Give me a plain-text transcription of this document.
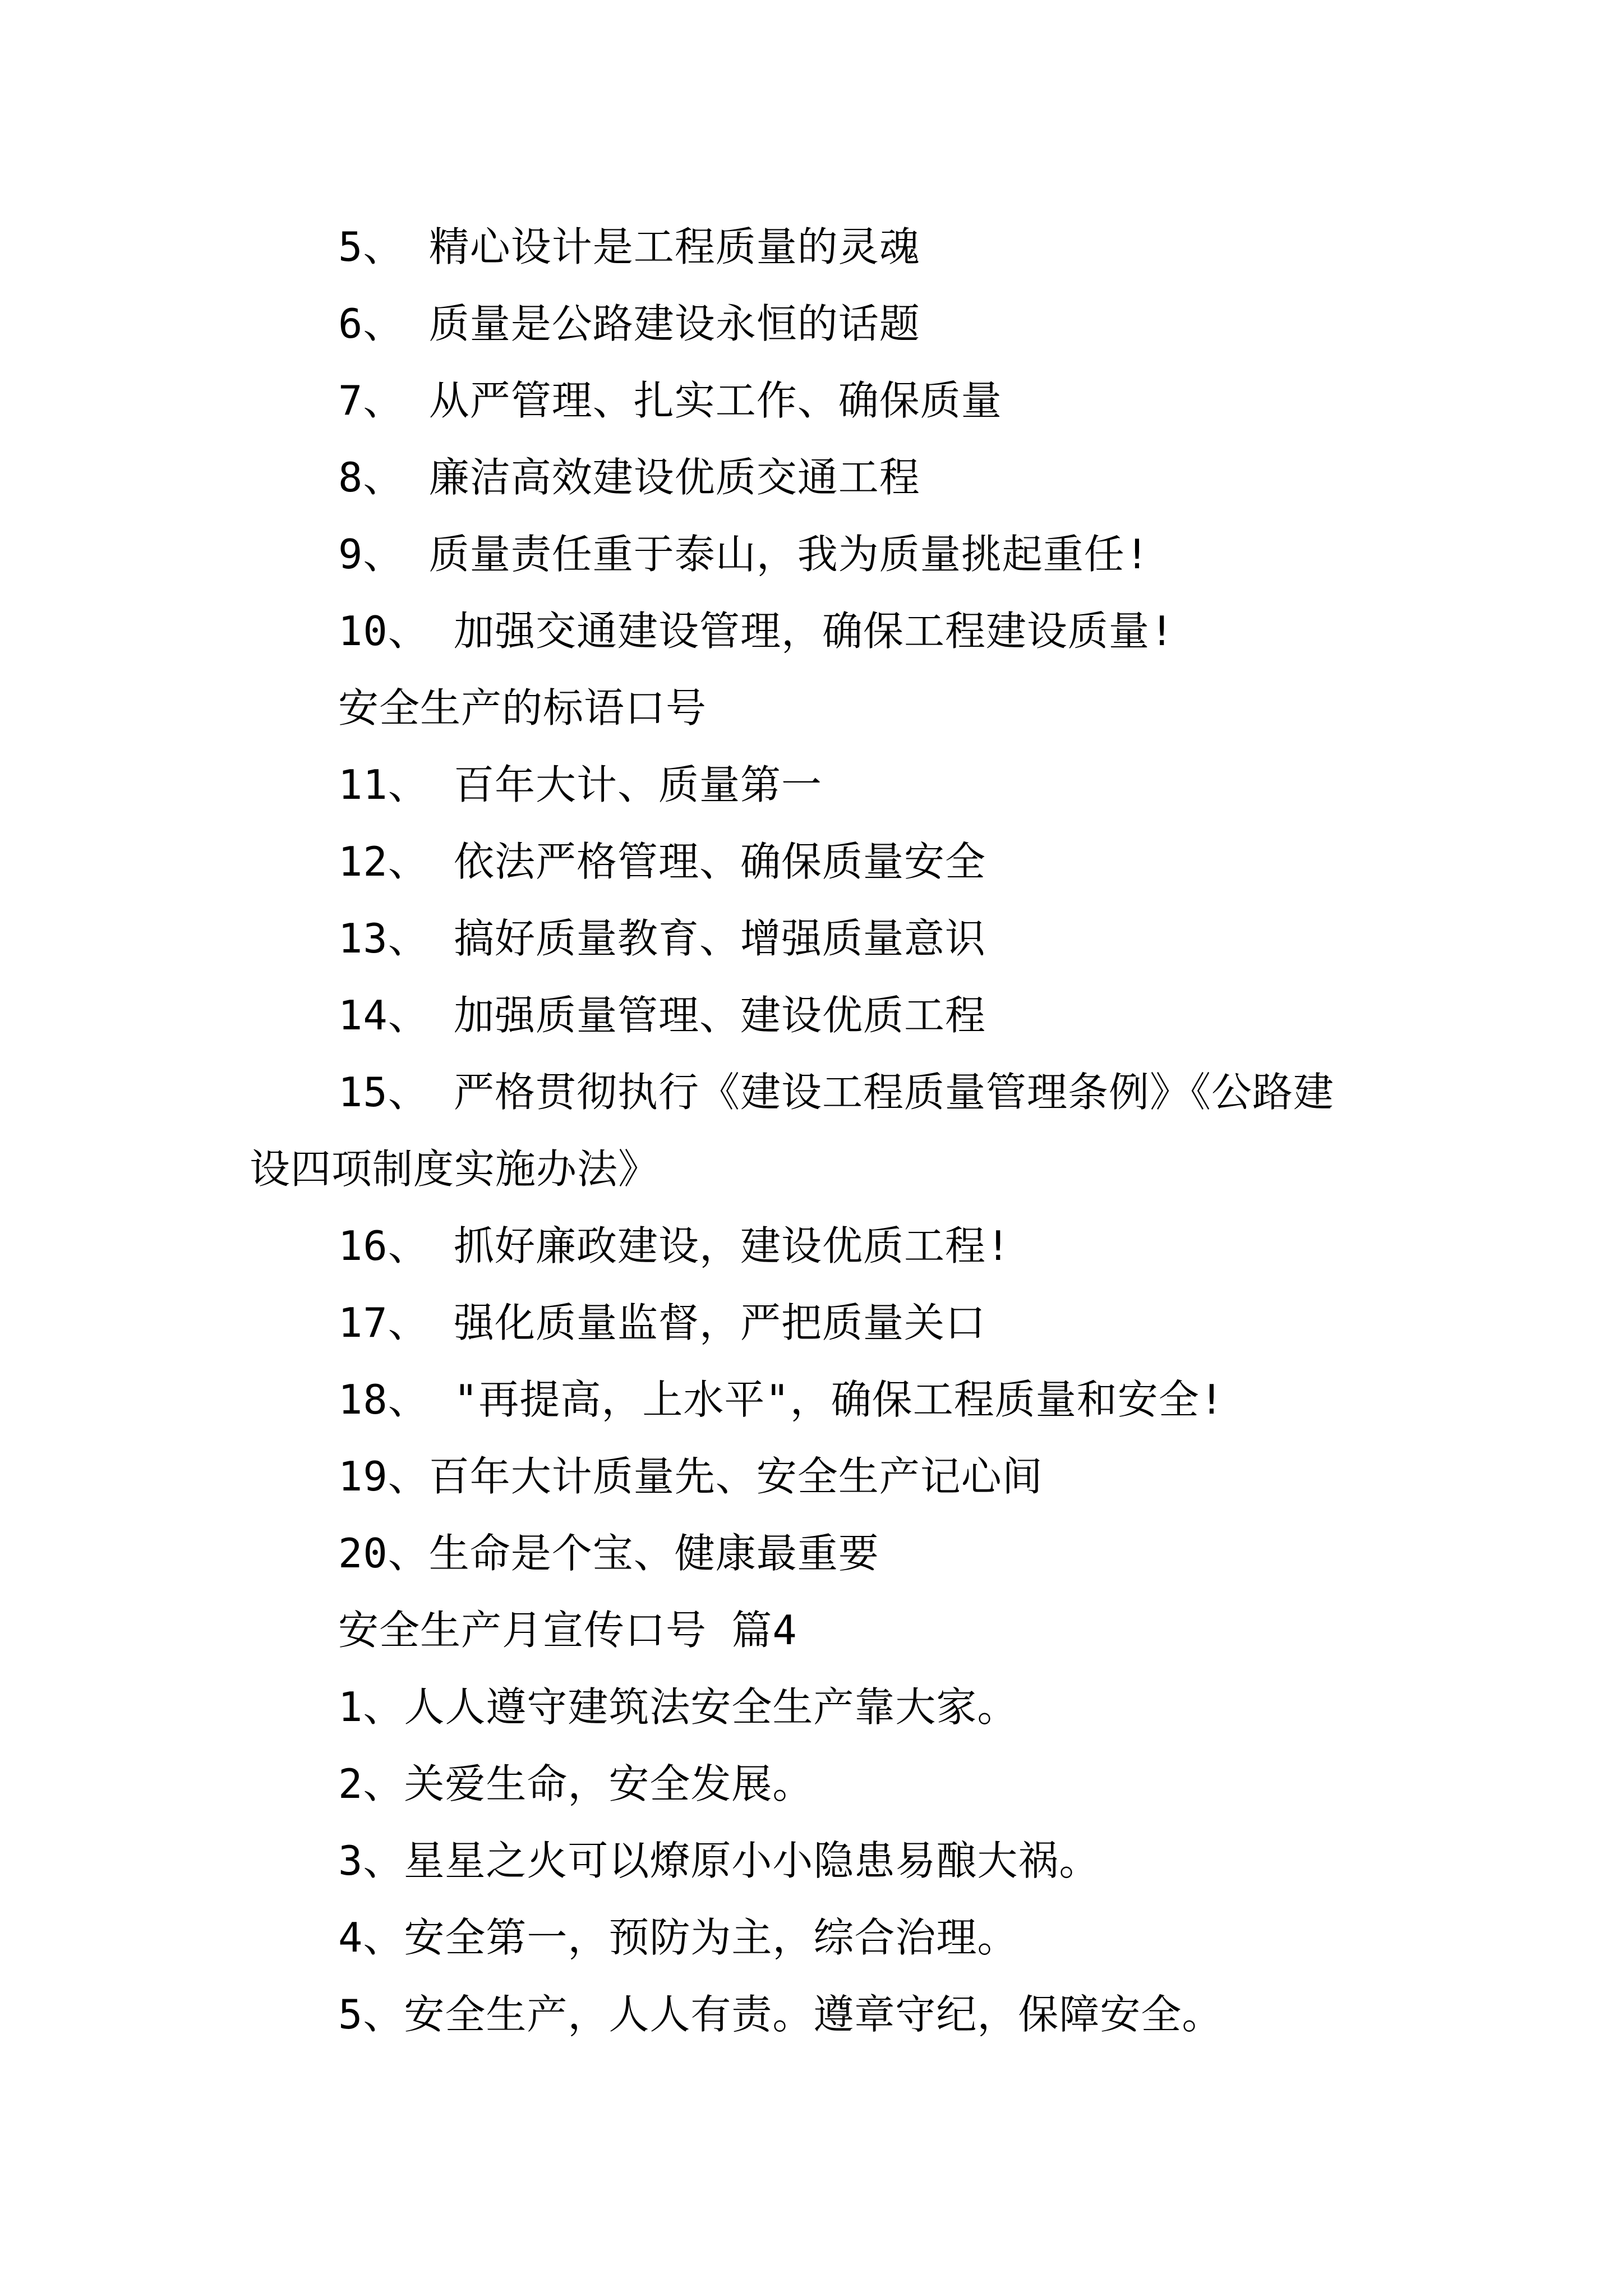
5、 精心设计是工程质量的灵魂
6、 质量是公路建设永恒的话题
7、 从严管理、扎实工作、确保质量
8、 廉洁高效建设优质交通工程
9、 质量责任重于泰山，我为质量挑起重任!
10、 加强交通建设管理，确保工程建设质量!
安全生产的标语口号
11、 百年大计、质量第一
12、 依法严格管理、确保质量安全
13、 搞好质量教育、增强质量意识
14、 加强质量管理、建设优质工程
15、 严格贯彻执行《建设工程质量管理条例》《公路建
设四项制度实施办法》
16、 抓好廉政建设，建设优质工程!
17、 强化质量监督，严把质量关口
18、 "再提高，上水平"，确保工程质量和安全!
19、百年大计质量先、安全生产记心间
20、生命是个宝、健康最重要
安全生产月宣传口号 篇4
1、人人遵守建筑法安全生产靠大家。
2、关爱生命，安全发展。
3、星星之火可以燎原小小隐患易酿大祸。
4、安全第一，预防为主，综合治理。
5、安全生产，人人有责。遵章守纪，保障安全。
